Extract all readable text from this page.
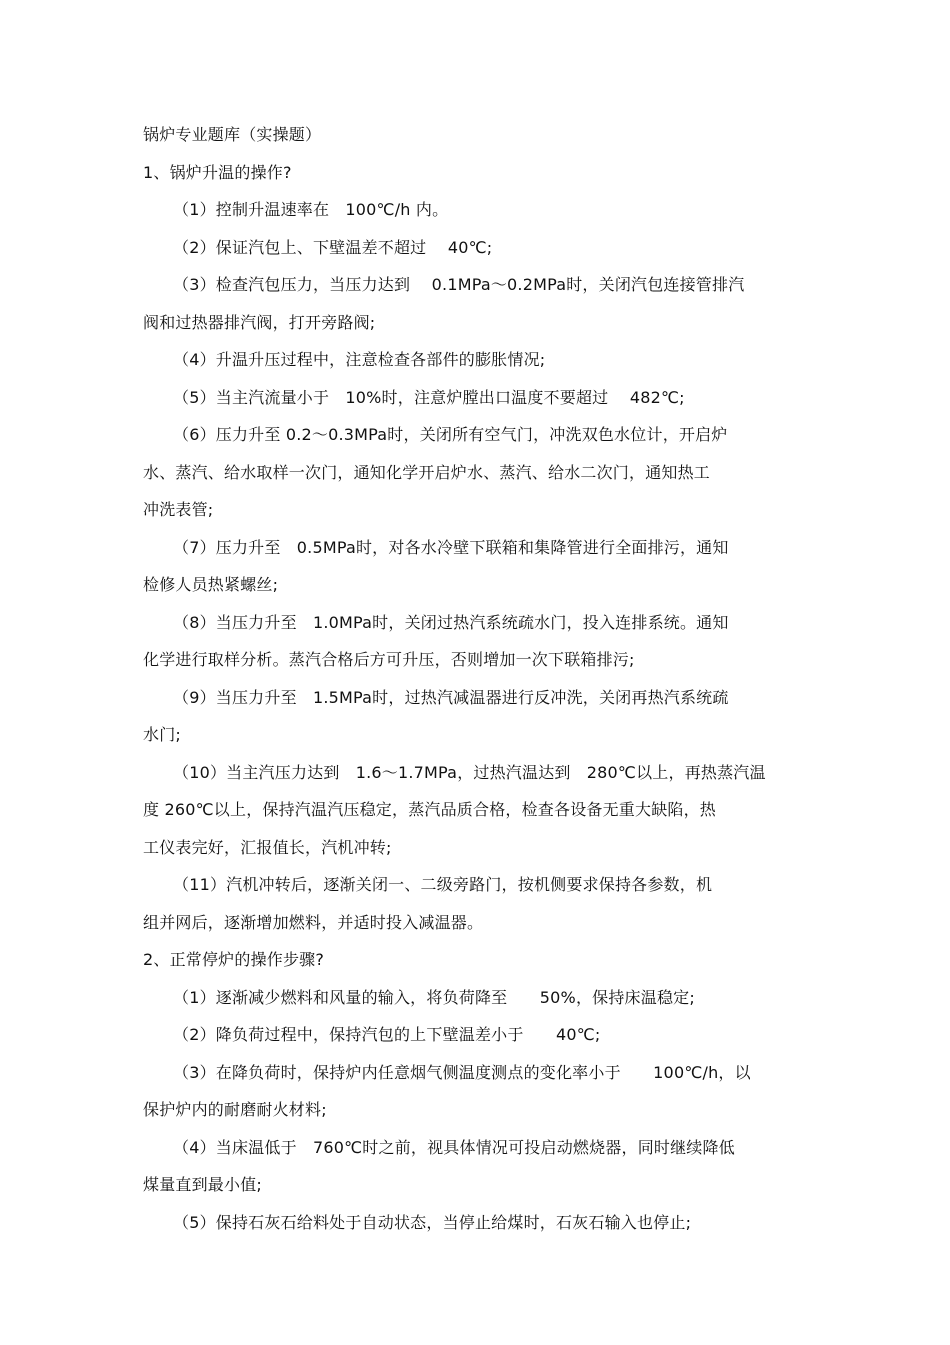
锅炉专业题库（实操题）
1、锅炉升温的操作?
（1）控制升温速率在　100℃/h 内。
（2）保证汽包上、下壁温差不超过　 40℃;
（3）检查汽包压力，当压力达到　 0.1MPa～0.2MPa时，关闭汽包连接管排汽
阀和过热器排汽阀，打开旁路阀;
（4）升温升压过程中，注意检查各部件的膨胀情况;
（5）当主汽流量小于　10%时，注意炉膛出口温度不要超过　 482℃;
（6）压力升至 0.2～0.3MPa时，关闭所有空气门，冲洗双色水位计，开启炉
水、蒸汽、给水取样一次门，通知化学开启炉水、蒸汽、给水二次门，通知热工
冲洗表管;
（7）压力升至　0.5MPa时，对各水冷壁下联箱和集降管进行全面排污，通知
检修人员热紧螺丝;
（8）当压力升至　1.0MPa时，关闭过热汽系统疏水门，投入连排系统。通知
化学进行取样分析。蒸汽合格后方可升压，否则增加一次下联箱排污;
（9）当压力升至　1.5MPa时，过热汽减温器进行反冲洗，关闭再热汽系统疏
水门;
（10）当主汽压力达到　1.6～1.7MPa，过热汽温达到　280℃以上，再热蒸汽温
度 260℃以上，保持汽温汽压稳定，蒸汽品质合格，检查各设备无重大缺陷，热
工仪表完好，汇报值长，汽机冲转;
（11）汽机冲转后，逐渐关闭一、二级旁路门，按机侧要求保持各参数，机
组并网后，逐渐增加燃料，并适时投入减温器。
2、正常停炉的操作步骤?
（1）逐渐减少燃料和风量的输入，将负荷降至　　50%，保持床温稳定;
（2）降负荷过程中，保持汽包的上下壁温差小于　　40℃;
（3）在降负荷时，保持炉内任意烟气侧温度测点的变化率小于　　100℃/h，以
保护炉内的耐磨耐火材料;
（4）当床温低于　760℃时之前，视具体情况可投启动燃烧器，同时继续降低
煤量直到最小值;
（5）保持石灰石给料处于自动状态，当停止给煤时，石灰石输入也停止;
